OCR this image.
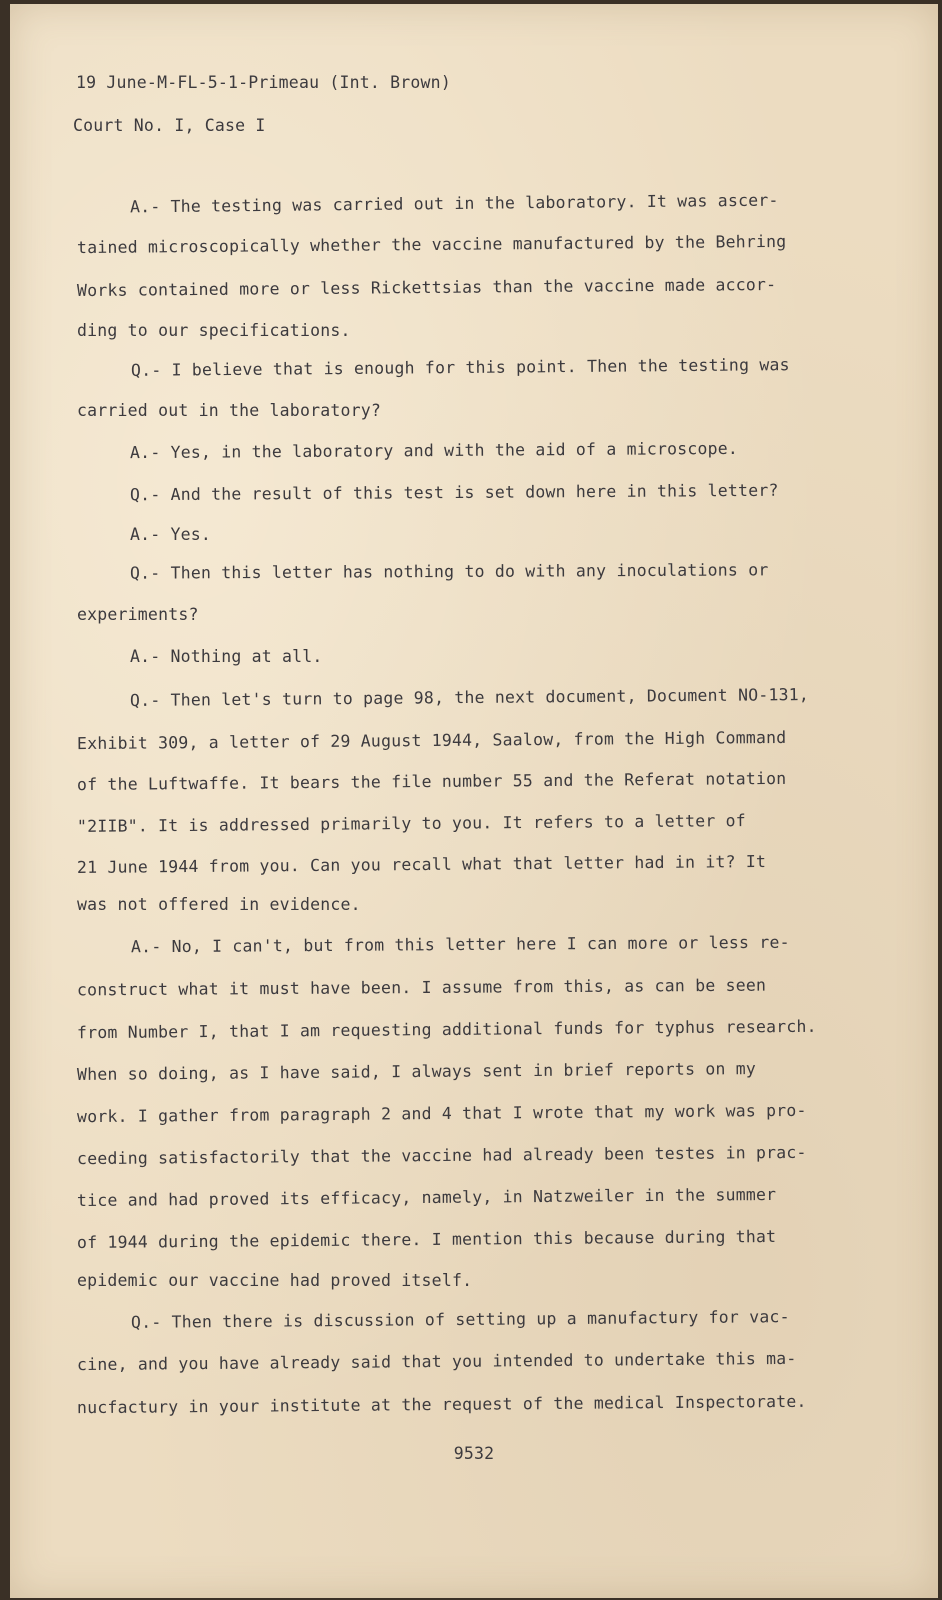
19 June-M-FL-5-1-Primeau (Int. Brown)
Court No. I, Case I
A.- The testing was carried out in the laboratory. It was ascer-
tained microscopically whether the vaccine manufactured by the Behring
Works contained more or less Rickettsias than the vaccine made accor-
ding to our specifications.
Q.- I believe that is enough for this point. Then the testing was
carried out in the laboratory?
A.- Yes, in the laboratory and with the aid of a microscope.
Q.- And the result of this test is set down here in this letter?
A.- Yes.
Q.- Then this letter has nothing to do with any inoculations or
experiments?
A.- Nothing at all.
Q.- Then let's turn to page 98, the next document, Document NO-131,
Exhibit 309, a letter of 29 August 1944, Saalow, from the High Command
of the Luftwaffe. It bears the file number 55 and the Referat notation
"2IIB". It is addressed primarily to you. It refers to a letter of
21 June 1944 from you. Can you recall what that letter had in it? It
was not offered in evidence.
A.- No, I can't, but from this letter here I can more or less re-
construct what it must have been. I assume from this, as can be seen
from Number I, that I am requesting additional funds for typhus research.
When so doing, as I have said, I always sent in brief reports on my
work. I gather from paragraph 2 and 4 that I wrote that my work was pro-
ceeding satisfactorily that the vaccine had already been testes in prac-
tice and had proved its efficacy, namely, in Natzweiler in the summer
of 1944 during the epidemic there. I mention this because during that
epidemic our vaccine had proved itself.
Q.- Then there is discussion of setting up a manufactury for vac-
cine, and you have already said that you intended to undertake this ma-
nucfactury in your institute at the request of the medical Inspectorate.
9532
